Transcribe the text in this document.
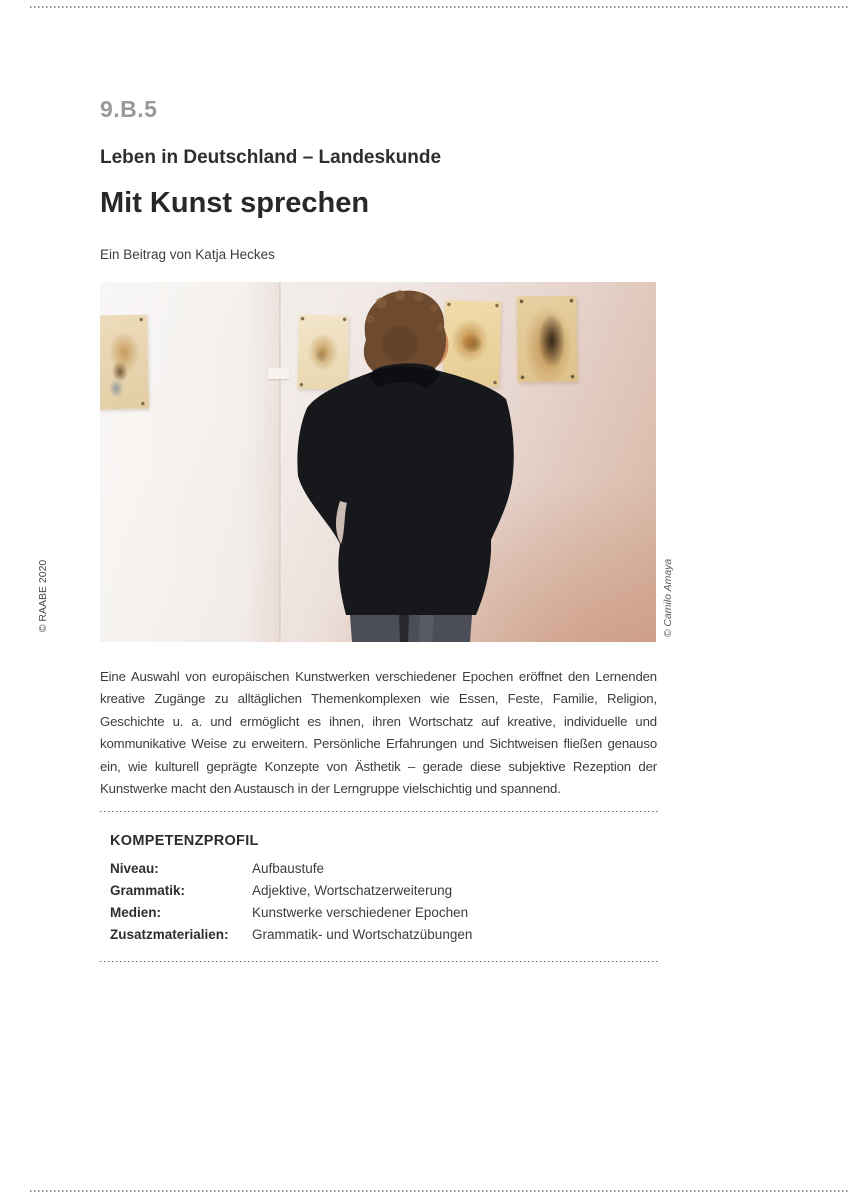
9.B.5
Leben in Deutschland – Landeskunde
Mit Kunst sprechen
Ein Beitrag von Katja Heckes
© RAABE 2020	© Camilo Amaya

Eine Auswahl von europäischen Kunstwerken verschiedener Epochen eröffnet den Lernenden kreative Zugänge zu alltäglichen Themenkomplexen wie Essen, Feste, Familie, Religion, Geschichte u. a. und ermöglicht es ihnen, ihren Wortschatz auf kreative, individuelle und kommunikative Weise zu erweitern. Persönliche Erfahrungen und Sichtweisen fließen genauso ein, wie kulturell geprägte Konzepte von Ästhetik – gerade diese subjektive Rezeption der Kunstwerke macht den Austausch in der Lerngruppe vielschichtig und spannend.

KOMPETENZPROFIL
Niveau:	Aufbaustufe
Grammatik:	Adjektive, Wortschatzerweiterung
Medien:	Kunstwerke verschiedener Epochen
Zusatzmaterialien:	Grammatik- und Wortschatzübungen
